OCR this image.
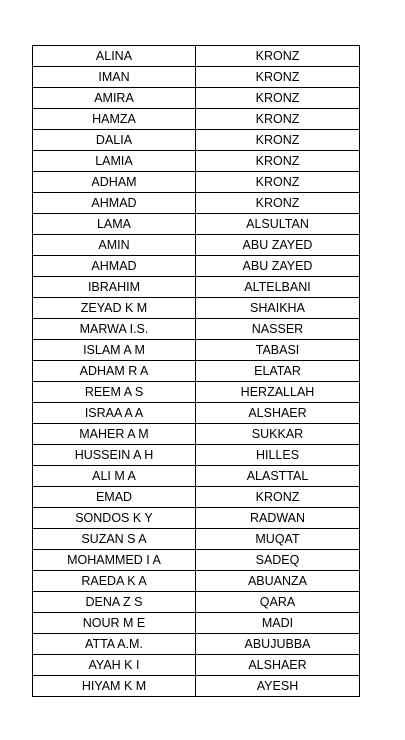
ALINA	KRONZ
IMAN	KRONZ
AMIRA	KRONZ
HAMZA	KRONZ
DALIA	KRONZ
LAMIA	KRONZ
ADHAM	KRONZ
AHMAD	KRONZ
LAMA	ALSULTAN
AMIN	ABU ZAYED
AHMAD	ABU ZAYED
IBRAHIM	ALTELBANI
ZEYAD K M	SHAIKHA
MARWA I.S.	NASSER
ISLAM A M	TABASI
ADHAM R A	ELATAR
REEM A S	HERZALLAH
ISRAA A A	ALSHAER
MAHER A M	SUKKAR
HUSSEIN A H	HILLES
ALI M A	ALASTTAL
EMAD	KRONZ
SONDOS K Y	RADWAN
SUZAN S A	MUQAT
MOHAMMED I A	SADEQ
RAEDA K A	ABUANZA
DENA Z S	QARA
NOUR M E	MADI
ATTA A.M.	ABUJUBBA
AYAH K I	ALSHAER
HIYAM K M	AYESH
